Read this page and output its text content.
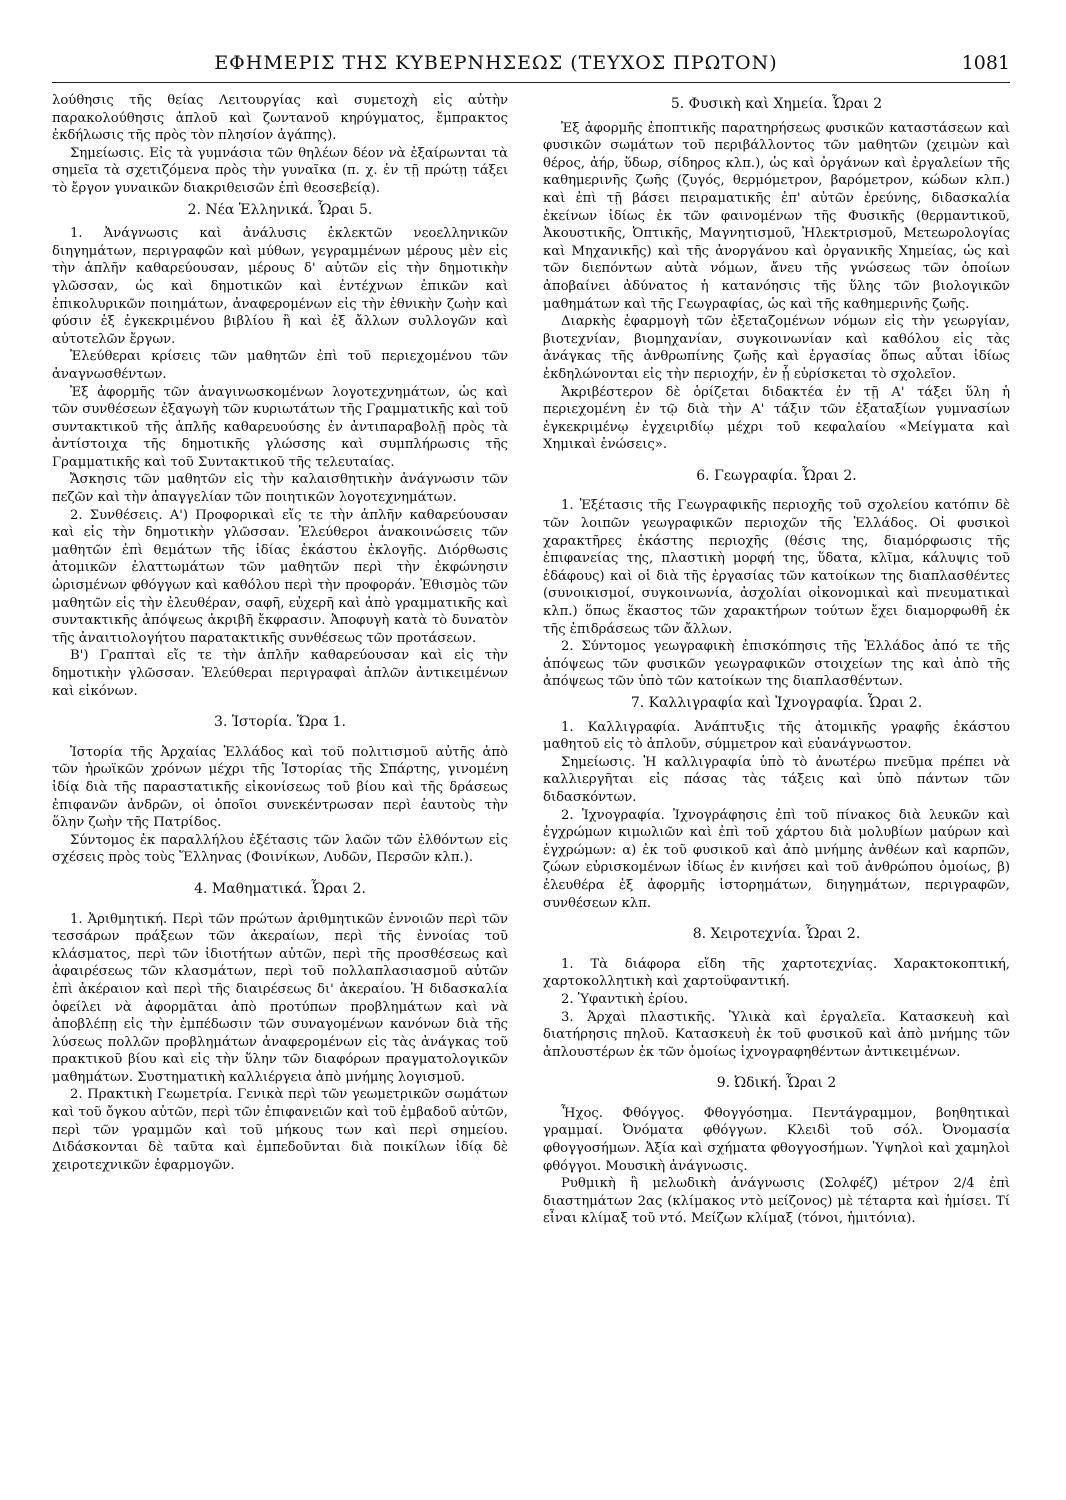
ΕΦΗΜΕΡΙΣ ΤΗΣ ΚΥΒΕΡΝΗΣΕΩΣ (ΤΕΥΧΟΣ ΠΡΩΤΟΝ)	1081

λούθησις τῆς θείας Λειτουργίας καὶ συμετοχὴ εἰς αὐτὴν παρακολούθησις ἁπλοῦ καὶ ζωντανοῦ κηρύγματος, ἔμπρακτος ἐκδήλωσις τῆς πρὸς τὸν πλησίον ἀγάπης).

Σημείωσις. Εἰς τὰ γυμνάσια τῶν θηλέων δέον νὰ ἐξαίρωνται τὰ σημεῖα τὰ σχετιζόμενα πρὸς τὴν γυναῖκα (π. χ. ἐν τῇ πρώτῃ τάξει τὸ ἔργον γυναικῶν διακριθεισῶν ἐπὶ θεοσεβείᾳ).

2. Νέα Ἑλληνικά. Ὧραι 5.

1. Ἀνάγνωσις καὶ ἀνάλυσις ἐκλεκτῶν νεοελληνικῶν διηγημάτων, περιγραφῶν καὶ μύθων, γεγραμμένων μέρους μὲν εἰς τὴν ἁπλῆν καθαρεύουσαν, μέρους δ' αὐτῶν εἰς τὴν δημοτικὴν γλῶσσαν, ὡς καὶ δημοτικῶν καὶ ἐντέχνων ἐπικῶν καὶ ἐπικολυρικῶν ποιημάτων, ἀναφερομένων εἰς τὴν ἐθνικὴν ζωὴν καὶ φύσιν ἐξ ἐγκεκριμένου βιβλίου ἢ καὶ ἐξ ἄλλων συλλογῶν καὶ αὐτοτελῶν ἔργων.

Ἐλεύθεραι κρίσεις τῶν μαθητῶν ἐπὶ τοῦ περιεχομένου τῶν ἀναγνωσθέντων.

Ἐξ ἀφορμῆς τῶν ἀναγινωσκομένων λογοτεχνημάτων, ὡς καὶ τῶν συνθέσεων ἐξαγωγὴ τῶν κυριωτάτων τῆς Γραμματικῆς καὶ τοῦ συντακτικοῦ τῆς ἁπλῆς καθαρευούσης ἐν ἀντιπαραβολῇ πρὸς τὰ ἀντίστοιχα τῆς δημοτικῆς γλώσσης καὶ συμπλήρωσις τῆς Γραμματικῆς καὶ τοῦ Συντακτικοῦ τῆς τελευταίας.

Ἄσκησις τῶν μαθητῶν εἰς τὴν καλαισθητικὴν ἀνάγνωσιν τῶν πεζῶν καὶ τὴν ἀπαγγελίαν τῶν ποιητικῶν λογοτεχνημάτων.

2. Συνθέσεις. Α') Προφορικαὶ εἴς τε τὴν ἁπλῆν καθαρεύουσαν καὶ εἰς τὴν δημοτικὴν γλῶσσαν. Ἐλεύθεροι ἀνακοινώσεις τῶν μαθητῶν ἐπὶ θεμάτων τῆς ἰδίας ἑκάστου ἐκλογῆς. Διόρθωσις ἀτομικῶν ἐλαττωμάτων τῶν μαθητῶν περὶ τὴν ἐκφώνησιν ὡρισμένων φθόγγων καὶ καθόλου περὶ τὴν προφοράν. Ἐθισμὸς τῶν μαθητῶν εἰς τὴν ἐλευθέραν, σαφῆ, εὐχερῆ καὶ ἀπὸ γραμματικῆς καὶ συντακτικῆς ἀπόψεως ἀκριβῆ ἔκφρασιν. Ἀποφυγὴ κατὰ τὸ δυνατὸν τῆς ἀναιτιολογήτου παρατακτικῆς συνθέσεως τῶν προτάσεων.

Β') Γραπταὶ εἴς τε τὴν ἁπλῆν καθαρεύουσαν καὶ εἰς τὴν δημοτικὴν γλῶσσαν. Ἐλεύθεραι περιγραφαὶ ἁπλῶν ἀντικειμένων καὶ εἰκόνων.

3. Ἱστορία. Ὥρα 1.

Ἱστορία τῆς Ἀρχαίας Ἑλλάδος καὶ τοῦ πολιτισμοῦ αὐτῆς ἀπὸ τῶν ἡρωϊκῶν χρόνων μέχρι τῆς Ἱστορίας τῆς Σπάρτης, γινομένη ἰδίᾳ διὰ τῆς παραστατικῆς εἰκονίσεως τοῦ βίου καὶ τῆς δράσεως ἐπιφανῶν ἀνδρῶν, οἱ ὁποῖοι συνεκέντρωσαν περὶ ἑαυτοὺς τὴν ὅλην ζωὴν τῆς Πατρίδος.

Σύντομος ἐκ παραλλήλου ἐξέτασις τῶν λαῶν τῶν ἐλθόντων εἰς σχέσεις πρὸς τοὺς Ἕλληνας (Φοινίκων, Λυδῶν, Περσῶν κλπ.).

4. Μαθηματικά. Ὧραι 2.

1. Ἀριθμητική. Περὶ τῶν πρώτων ἀριθμητικῶν ἐννοιῶν περὶ τῶν τεσσάρων πράξεων τῶν ἀκεραίων, περὶ τῆς ἐννοίας τοῦ κλάσματος, περὶ τῶν ἰδιοτήτων αὐτῶν, περὶ τῆς προσθέσεως καὶ ἀφαιρέσεως τῶν κλασμάτων, περὶ τοῦ πολλαπλασιασμοῦ αὐτῶν ἐπὶ ἀκέραιον καὶ περὶ τῆς διαιρέσεως δι' ἀκεραίου. Ἡ διδασκαλία ὀφείλει νὰ ἀφορμᾶται ἀπὸ προτύπων προβλημάτων καὶ νὰ ἀποβλέπῃ εἰς τὴν ἐμπέδωσιν τῶν συναγομένων κανόνων διὰ τῆς λύσεως πολλῶν προβλημάτων ἀναφερομένων εἰς τὰς ἀνάγκας τοῦ πρακτικοῦ βίου καὶ εἰς τὴν ὕλην τῶν διαφόρων πραγματολογικῶν μαθημάτων. Συστηματικὴ καλλιέργεια ἀπὸ μνήμης λογισμοῦ.

2. Πρακτικὴ Γεωμετρία. Γενικὰ περὶ τῶν γεωμετρικῶν σωμάτων καὶ τοῦ ὄγκου αὐτῶν, περὶ τῶν ἐπιφανειῶν καὶ τοῦ ἐμβαδοῦ αὐτῶν, περὶ τῶν γραμμῶν καὶ τοῦ μήκους των καὶ περὶ σημείου. Διδάσκονται δὲ ταῦτα καὶ ἐμπεδοῦνται διὰ ποικίλων ἰδίᾳ δὲ χειροτεχνικῶν ἐφαρμογῶν.

5. Φυσικὴ καὶ Χημεία. Ὧραι 2

Ἐξ ἀφορμῆς ἐποπτικῆς παρατηρήσεως φυσικῶν καταστάσεων καὶ φυσικῶν σωμάτων τοῦ περιβάλλοντος τῶν μαθητῶν (χειμὼν καὶ θέρος, ἀήρ, ὕδωρ, σίδηρος κλπ.), ὡς καὶ ὀργάνων καὶ ἐργαλείων τῆς καθημερινῆς ζωῆς (ζυγός, θερμόμετρον, βαρόμετρον, κώδων κλπ.) καὶ ἐπὶ τῇ βάσει πειραματικῆς ἐπ' αὐτῶν ἐρεύνης, διδασκαλία ἐκείνων ἰδίως ἐκ τῶν φαινομένων τῆς Φυσικῆς (θερμαντικοῦ, Ἀκουστικῆς, Ὀπτικῆς, Μαγνητισμοῦ, Ἠλεκτρισμοῦ, Μετεωρολογίας καὶ Μηχανικῆς) καὶ τῆς ἀνοργάνου καὶ ὀργανικῆς Χημείας, ὡς καὶ τῶν διεπόντων αὐτὰ νόμων, ἄνευ τῆς γνώσεως τῶν ὁποίων ἀποβαίνει ἀδύνατος ἡ κατανόησις τῆς ὕλης τῶν βιολογικῶν μαθημάτων καὶ τῆς Γεωγραφίας, ὡς καὶ τῆς καθημερινῆς ζωῆς.

Διαρκὴς ἐφαρμογὴ τῶν ἐξεταζομένων νόμων εἰς τὴν γεωργίαν, βιοτεχνίαν, βιομηχανίαν, συγκοινωνίαν καὶ καθόλου εἰς τὰς ἀνάγκας τῆς ἀνθρωπίνης ζωῆς καὶ ἐργασίας ὅπως αὗται ἰδίως ἐκδηλώνονται εἰς τὴν περιοχήν, ἐν ᾗ εὑρίσκεται τὸ σχολεῖον.

Ἀκριβέστερον δὲ ὁρίζεται διδακτέα ἐν τῇ Α' τάξει ὕλη ἡ περιεχομένη ἐν τῷ διὰ τὴν Α' τάξιν τῶν ἑξαταξίων γυμνασίων ἐγκεκριμένῳ ἐγχειριδίῳ μέχρι τοῦ κεφαλαίου «Μείγματα καὶ Χημικαὶ ἑνώσεις».

6. Γεωγραφία. Ὧραι 2.

1. Ἐξέτασις τῆς Γεωγραφικῆς περιοχῆς τοῦ σχολείου κατόπιν δὲ τῶν λοιπῶν γεωγραφικῶν περιοχῶν τῆς Ἑλλάδος. Οἱ φυσικοὶ χαρακτῆρες ἑκάστης περιοχῆς (θέσις της, διαμόρφωσις τῆς ἐπιφανείας της, πλαστικὴ μορφή της, ὕδατα, κλῖμα, κάλυψις τοῦ ἐδάφους) καὶ οἱ διὰ τῆς ἐργασίας τῶν κατοίκων της διαπλασθέντες (συνοικισμοί, συγκοινωνία, ἀσχολίαι οἰκονομικαὶ καὶ πνευματικαὶ κλπ.) ὅπως ἕκαστος τῶν χαρακτήρων τούτων ἔχει διαμορφωθῆ ἐκ τῆς ἐπιδράσεως τῶν ἄλλων.

2. Σύντομος γεωγραφικὴ ἐπισκόπησις τῆς Ἑλλάδος ἀπό τε τῆς ἀπόψεως τῶν φυσικῶν γεωγραφικῶν στοιχείων της καὶ ἀπὸ τῆς ἀπόψεως τῶν ὑπὸ τῶν κατοίκων της διαπλασθέντων.

7. Καλλιγραφία καὶ Ἰχνογραφία. Ὧραι 2.

1. Καλλιγραφία. Ἀνάπτυξις τῆς ἀτομικῆς γραφῆς ἑκάστου μαθητοῦ εἰς τὸ ἁπλοῦν, σύμμετρον καὶ εὐανάγνωστον.

Σημείωσις. Ἡ καλλιγραφία ὑπὸ τὸ ἀνωτέρω πνεῦμα πρέπει νὰ καλλιεργῆται εἰς πάσας τὰς τάξεις καὶ ὑπὸ πάντων τῶν διδασκόντων.

2. Ἰχνογραφία. Ἰχνογράφησις ἐπὶ τοῦ πίνακος διὰ λευκῶν καὶ ἐγχρώμων κιμωλιῶν καὶ ἐπὶ τοῦ χάρτου διὰ μολυβίων μαύρων καὶ ἐγχρώμων: α) ἐκ τοῦ φυσικοῦ καὶ ἀπὸ μνήμης ἀνθέων καὶ καρπῶν, ζώων εὑρισκομένων ἰδίως ἐν κινήσει καὶ τοῦ ἀνθρώπου ὁμοίως, β) ἐλευθέρα ἐξ ἀφορμῆς ἱστορημάτων, διηγημάτων, περιγραφῶν, συνθέσεων κλπ.

8. Χειροτεχνία. Ὧραι 2.

1. Τὰ διάφορα εἴδη τῆς χαρτοτεχνίας. Χαρακτοκοπτική, χαρτοκολλητικὴ καὶ χαρτοϋφαντική.

2. Ὑφαντικὴ ἐρίου.

3. Ἀρχαὶ πλαστικῆς. Ὑλικὰ καὶ ἐργαλεῖα. Κατασκευὴ καὶ διατήρησις πηλοῦ. Κατασκευὴ ἐκ τοῦ φυσικοῦ καὶ ἀπὸ μνήμης τῶν ἁπλουστέρων ἐκ τῶν ὁμοίως ἰχνογραφηθέντων ἀντικειμένων.

9. Ὠδική. Ὧραι 2

Ἦχος. Φθόγγος. Φθογγόσημα. Πεντάγραμμον, βοηθητικαὶ γραμμαί. Ὀνόματα φθόγγων. Κλειδὶ τοῦ σόλ. Ὀνομασία φθογγοσήμων. Ἀξία καὶ σχήματα φθογγοσήμων. Ὑψηλοὶ καὶ χαμηλοὶ φθόγγοι. Μουσικὴ ἀνάγνωσις.

Ρυθμικὴ ἢ μελωδικὴ ἀνάγνωσις (Σολφέζ) μέτρον 2/4 ἐπὶ διαστημάτων 2ας (κλίμακος ντὸ μείζονος) μὲ τέταρτα καὶ ἡμίσει. Τί εἶναι κλίμαξ τοῦ ντό. Μείζων κλίμαξ (τόνοι, ἡμιτόνια).
